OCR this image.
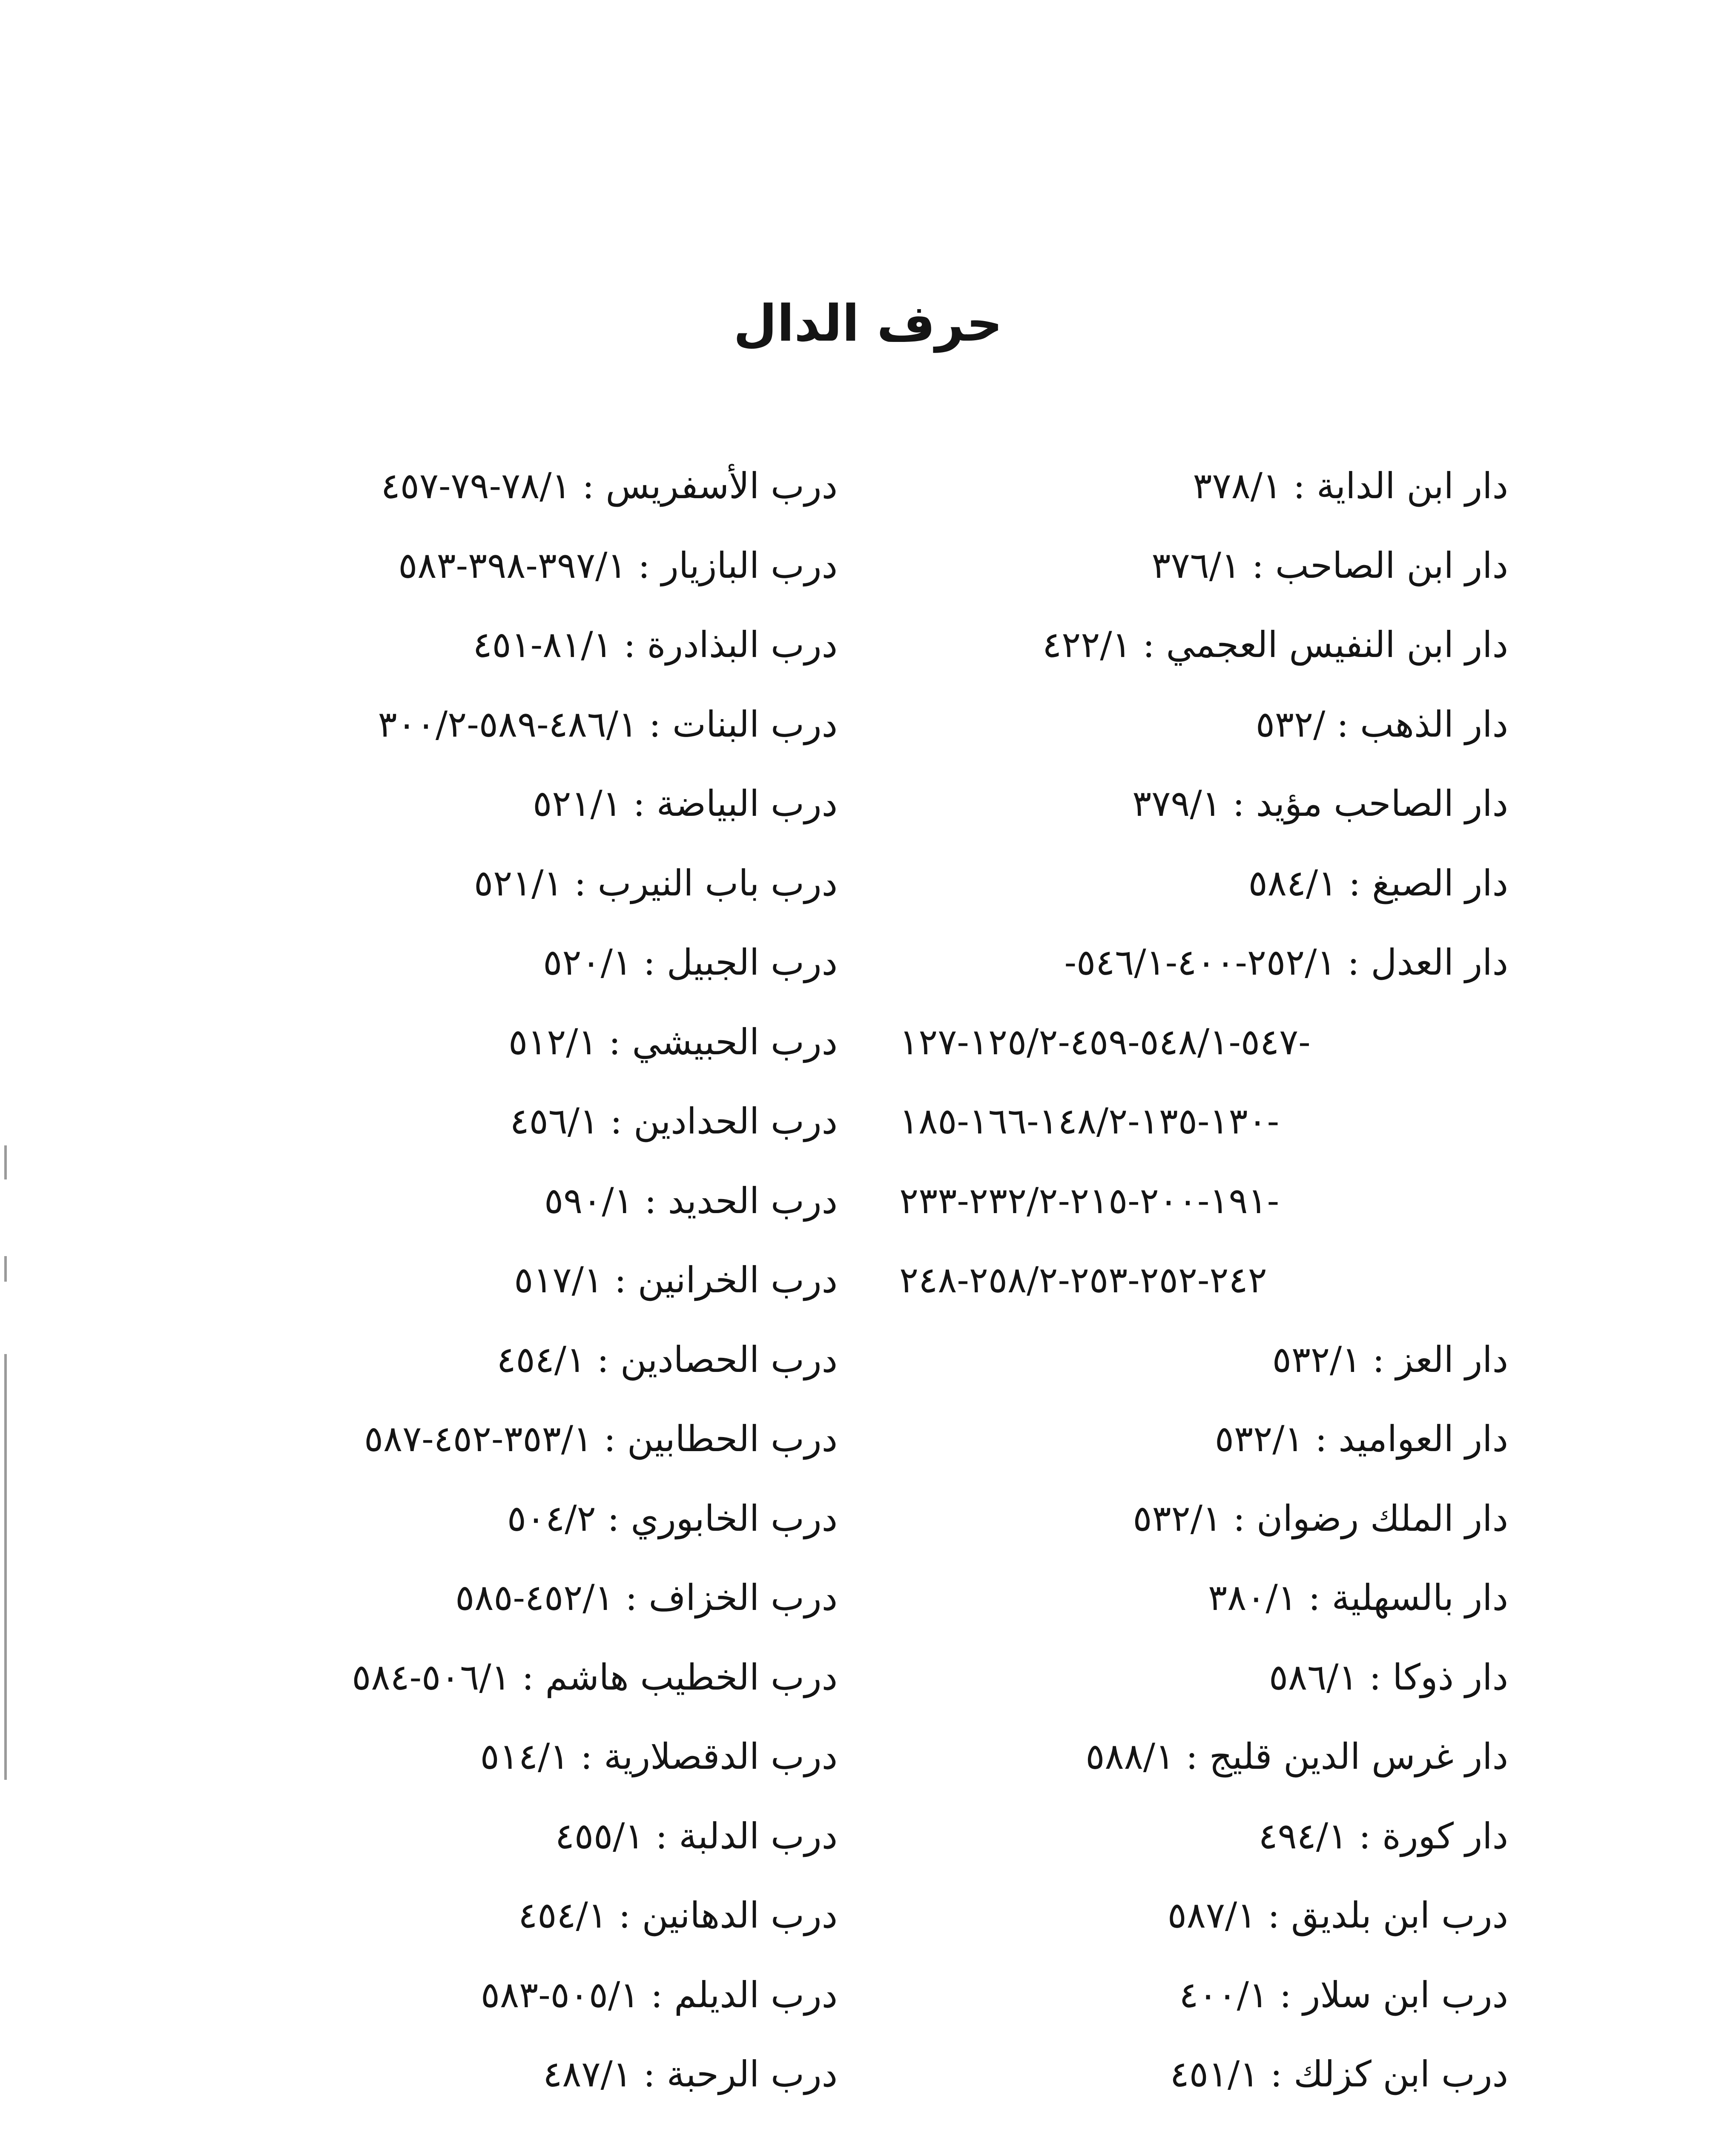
حرف الدال
دار ابن الداية : ٣٧٨/١
دار ابن الصاحب : ٣٧٦/١
دار ابن النفيس العجمي : ٤٢٢/١
دار الذهب : /٥٣٢
دار الصاحب مؤيد : ٣٧٩/١
دار الصبغ : ٥٨٤/١
دار العدل : ٢٥٢/١-٤٠٠-٥٤٦/١-
٥٤٧-٥٤٨/١-٤٥٩-١٢٥/٢-١٢٧-
١٣٠-١٣٥-١٤٨/٢-١٦٦-١٨٥-
١٩١-٢٠٠-٢١٥-٢٣٢/٢-٢٣٣-
٢٤٢-٢٥٢-٢٥٣-٢٥٨/٢-٢٤٨
دار العز : ٥٣٢/١
دار العواميد : ٥٣٢/١
دار الملك رضوان : ٥٣٢/١
دار بالسهلية : ٣٨٠/١
دار ذوكا : ٥٨٦/١
دار غرس الدين قليج : ٥٨٨/١
دار كورة : ٤٩٤/١
درب ابن بلديق : ٥٨٧/١
درب ابن سلار : ٤٠٠/١
درب ابن كزلك : ٤٥١/١
درب الأسفريس : ٧٨/١-٧٩-٤٥٧
درب البازيار : ٣٩٧/١-٣٩٨-٥٨٣
درب البذادرة : ٨١/١-٤٥١
درب البنات : ٤٨٦/١-٥٨٩-٣٠٠/٢
درب البياضة : ٥٢١/١
درب باب النيرب : ٥٢١/١
درب الجبيل : ٥٢٠/١
درب الحبيشي : ٥١٢/١
درب الحدادين : ٤٥٦/١
درب الحديد : ٥٩٠/١
درب الخرانين : ٥١٧/١
درب الحصادين : ٤٥٤/١
درب الحطابين : ٣٥٣/١-٤٥٢-٥٨٧
درب الخابوري : ٥٠٤/٢
درب الخزاف : ٤٥٢/١-٥٨٥
درب الخطيب هاشم : ٥٠٦/١-٥٨٤
درب الدقصلارية : ٥١٤/١
درب الدلبة : ٤٥٥/١
درب الدهانين : ٤٥٤/١
درب الديلم : ٥٠٥/١-٥٨٣
درب الرحبة : ٤٨٧/١
